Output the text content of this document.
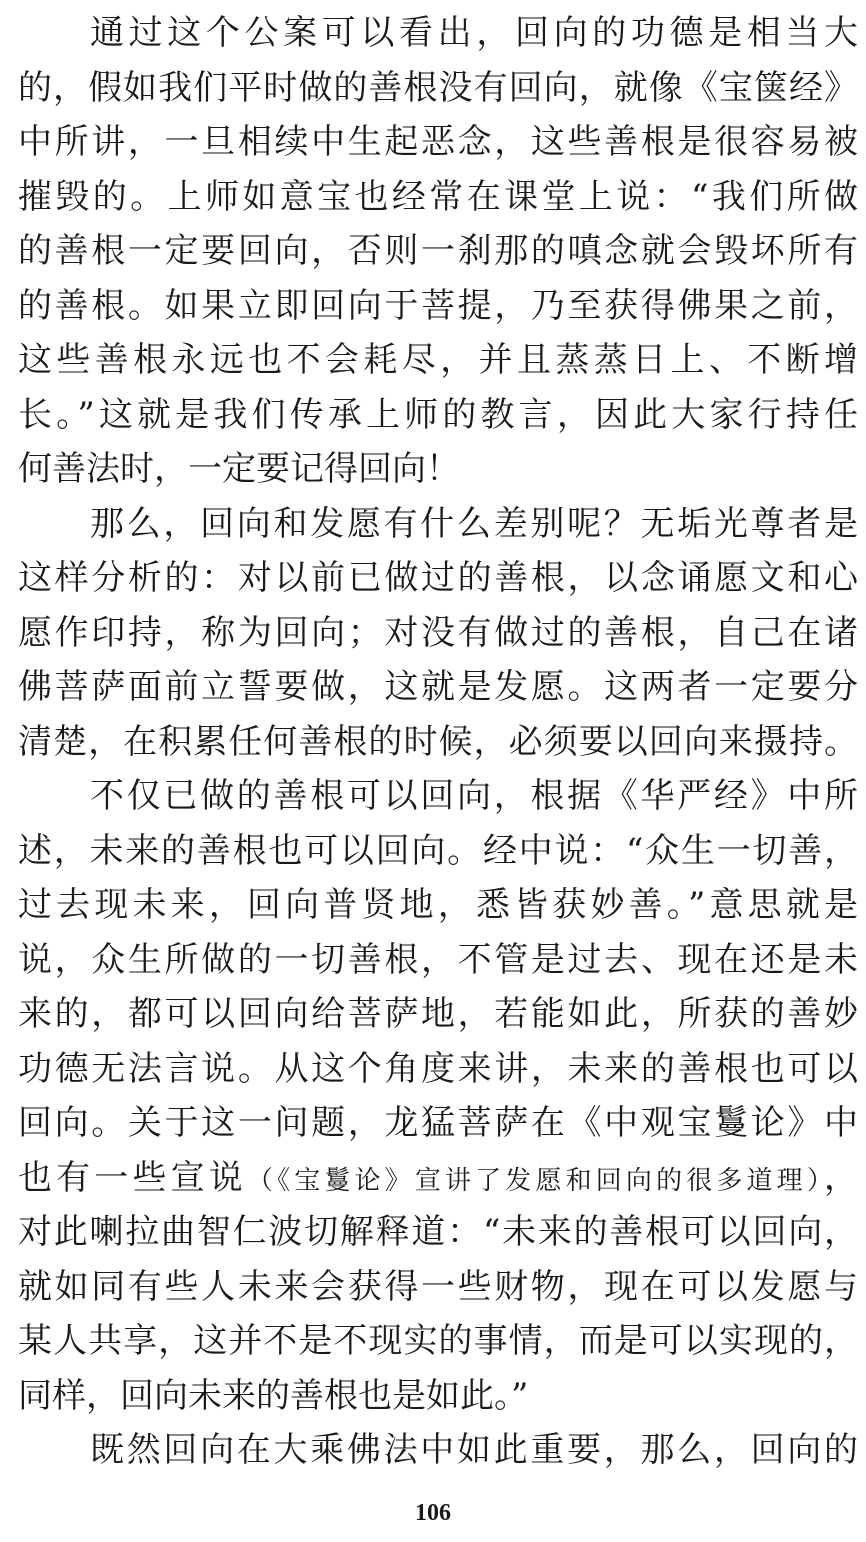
通过这个公案可以看出，回向的功德是相当大
的，假如我们平时做的善根没有回向，就像《宝箧经》
中所讲，一旦相续中生起恶念，这些善根是很容易被
摧毁的。上师如意宝也经常在课堂上说：“我们所做
的善根一定要回向，否则一刹那的嗔念就会毁坏所有
的善根。如果立即回向于菩提，乃至获得佛果之前，
这些善根永远也不会耗尽，并且蒸蒸日上、不断增
长。”这就是我们传承上师的教言，因此大家行持任
何善法时，一定要记得回向！
那么，回向和发愿有什么差别呢？无垢光尊者是
这样分析的：对以前已做过的善根，以念诵愿文和心
愿作印持，称为回向；对没有做过的善根，自己在诸
佛菩萨面前立誓要做，这就是发愿。这两者一定要分
清楚，在积累任何善根的时候，必须要以回向来摄持。
不仅已做的善根可以回向，根据《华严经》中所
述，未来的善根也可以回向。经中说：“众生一切善，
过去现未来，回向普贤地，悉皆获妙善。”意思就是
说，众生所做的一切善根，不管是过去、现在还是未
来的，都可以回向给菩萨地，若能如此，所获的善妙
功德无法言说。从这个角度来讲，未来的善根也可以
回向。关于这一问题，龙猛菩萨在《中观宝鬘论》中
也有一些宣说（《宝鬘论》宣讲了发愿和回向的很多道理），
对此喇拉曲智仁波切解释道：“未来的善根可以回向，
就如同有些人未来会获得一些财物，现在可以发愿与
某人共享，这并不是不现实的事情，而是可以实现的，
同样，回向未来的善根也是如此。”
既然回向在大乘佛法中如此重要，那么，回向的
106
